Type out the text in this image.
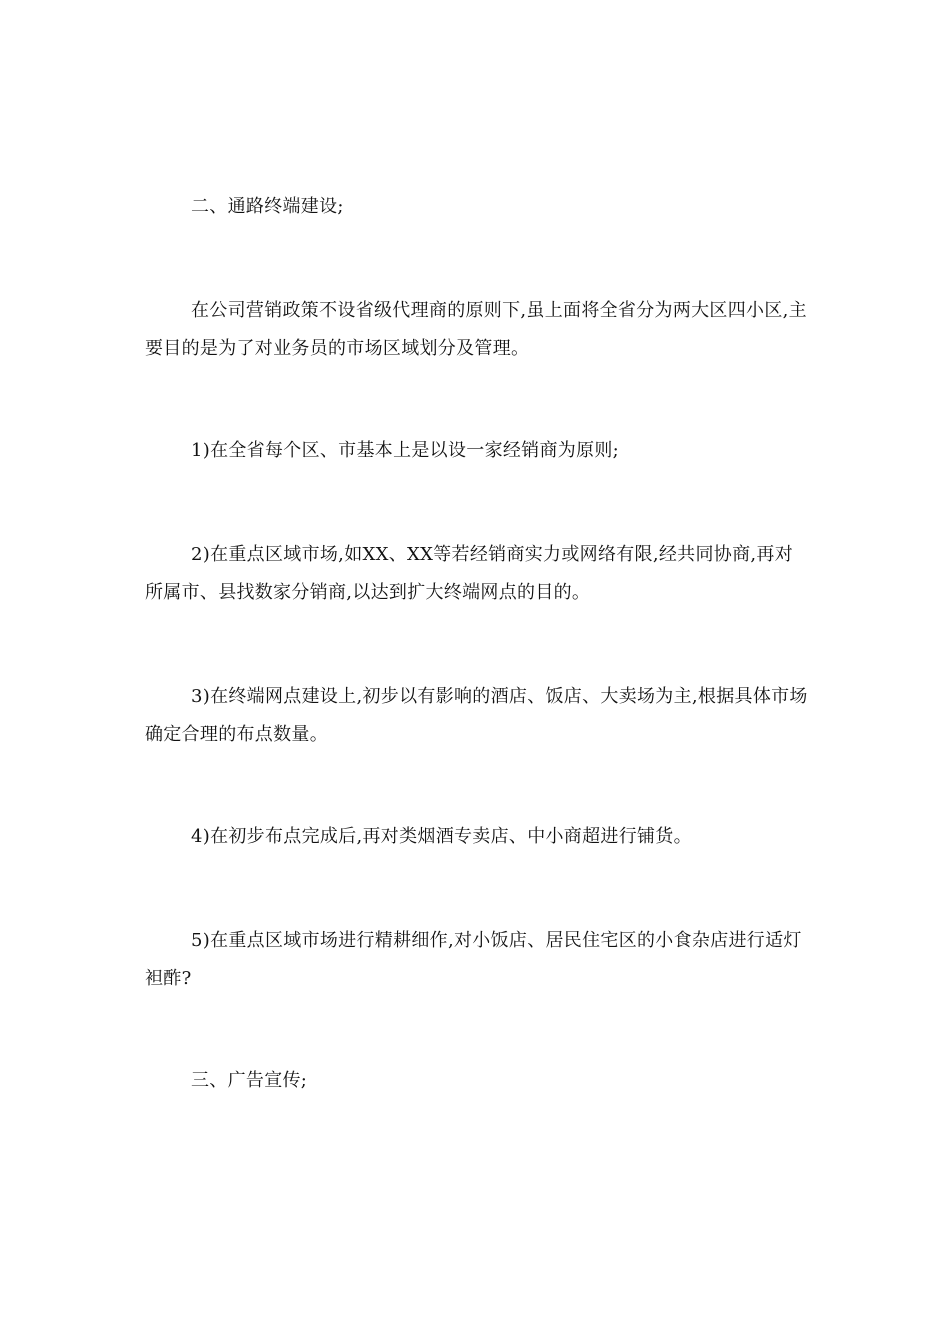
二、通路终端建设;

在公司营销政策不设省级代理商的原则下,虽上面将全省分为两大区四小区,主要目的是为了对业务员的市场区域划分及管理。

1)在全省每个区、市基本上是以设一家经销商为原则;

2)在重点区域市场,如XX、XX等若经销商实力或网络有限,经共同协商,再对所属市、县找数家分销商,以达到扩大终端网点的目的。

3)在终端网点建设上,初步以有影响的酒店、饭店、大卖场为主,根据具体市场确定合理的布点数量。

4)在初步布点完成后,再对类烟酒专卖店、中小商超进行铺货。

5)在重点区域市场进行精耕细作,对小饭店、居民住宅区的小食杂店进行适灯袒酢?

三、广告宣传;
